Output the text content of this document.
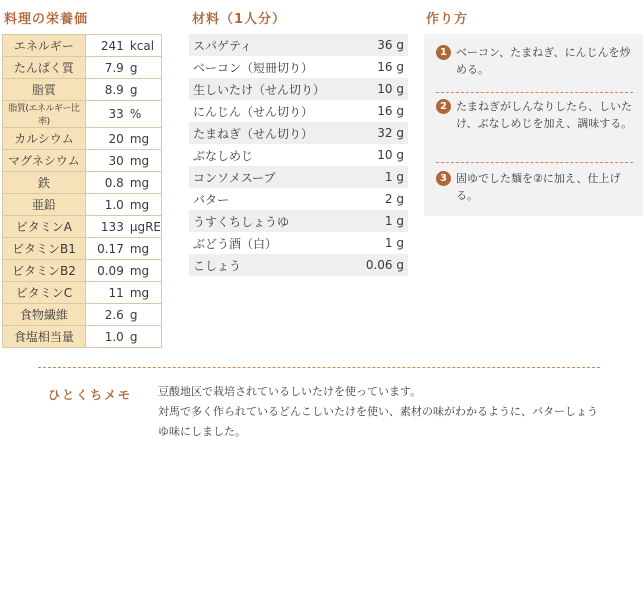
料理の栄養価
エネルギー	241 kcal
たんぱく質	7.9 g
脂質	8.9 g
脂質(エネルギー比率)	33 %
カルシウム	20 mg
マグネシウム	30 mg
鉄	0.8 mg
亜鉛	1.0 mg
ビタミンA	133 μgRE
ビタミンB1	0.17 mg
ビタミンB2	0.09 mg
ビタミンC	11 mg
食物繊維	2.6 g
食塩相当量	1.0 g
材料（1人分）
スパゲティ	36 g
ベーコン（短冊切り）	16 g
生しいたけ（せん切り）	10 g
にんじん（せん切り）	16 g
たまねぎ（せん切り）	32 g
ぶなしめじ	10 g
コンソメスープ	1 g
バター	2 g
うすくちしょうゆ	1 g
ぶどう酒（白）	1 g
こしょう	0.06 g
作り方
1 ベーコン、たまねぎ、にんじんを炒める。
2 たまねぎがしんなりしたら、しいたけ、ぶなしめじを加え、調味する。
3 固ゆでした麺を②に加え、仕上げる。
ひとくちメモ 豆酸地区で栽培されているしいたけを使っています。
対馬で多く作られているどんこしいたけを使い、素材の味がわかるように、バターしょうゆ味にしました。
